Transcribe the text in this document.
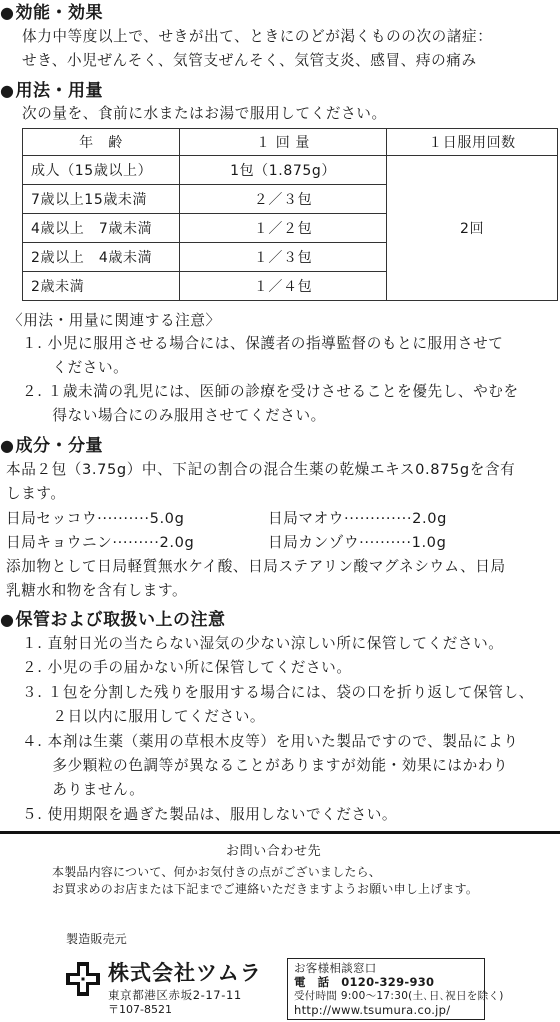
●効能・効果
体力中等度以上で、せきが出て、ときにのどが渇くものの次の諸症：
せき、小児ぜんそく、気管支ぜんそく、気管支炎、感冒、痔の痛み
●用法・用量
次の量を、食前に水またはお湯で服用してください。
年　齢	１ 回 量	１日服用回数
成人（15歳以上）	1包（1.875g）	2回
7歳以上15歳未満	２／３包	
4歳以上　7歳未満	１／２包	
2歳以上　4歳未満	１／３包	
2歳未満	１／４包	
〈用法・用量に関連する注意〉
１. 小児に服用させる場合には、保護者の指導監督のもとに服用させて
　　ください。
２. １歳未満の乳児には、医師の診療を受けさせることを優先し、やむを
　　得ない場合にのみ服用させてください。
●成分・分量
本品２包（3.75g）中、下記の割合の混合生薬の乾燥エキス0.875gを含有
します。
日局セッコウ··········5.0g	日局マオウ·············2.0g
日局キョウニン·········2.0g	日局カンゾウ··········1.0g
添加物として日局軽質無水ケイ酸、日局ステアリン酸マグネシウム、日局
乳糖水和物を含有します。
●保管および取扱い上の注意
１. 直射日光の当たらない湿気の少ない涼しい所に保管してください。
２. 小児の手の届かない所に保管してください。
３. １包を分割した残りを服用する場合には、袋の口を折り返して保管し、
　　２日以内に服用してください。
４. 本剤は生薬（薬用の草根木皮等）を用いた製品ですので、製品により
　　多少顆粒の色調等が異なることがありますが効能・効果にはかわり
　　ありません。
５. 使用期限を過ぎた製品は、服用しないでください。
お問い合わせ先
本製品内容について、何かお気付きの点がございましたら、
お買求めのお店または下記までご連絡いただきますようお願い申し上げます。
製造販売元
株式会社ツムラ
東京都港区赤坂2-17-11
〒107-8521
お客様相談窓口
電　話　0120-329-930
受付時間 9:00～17:30(土､日､祝日を除く)
http://www.tsumura.co.jp/
